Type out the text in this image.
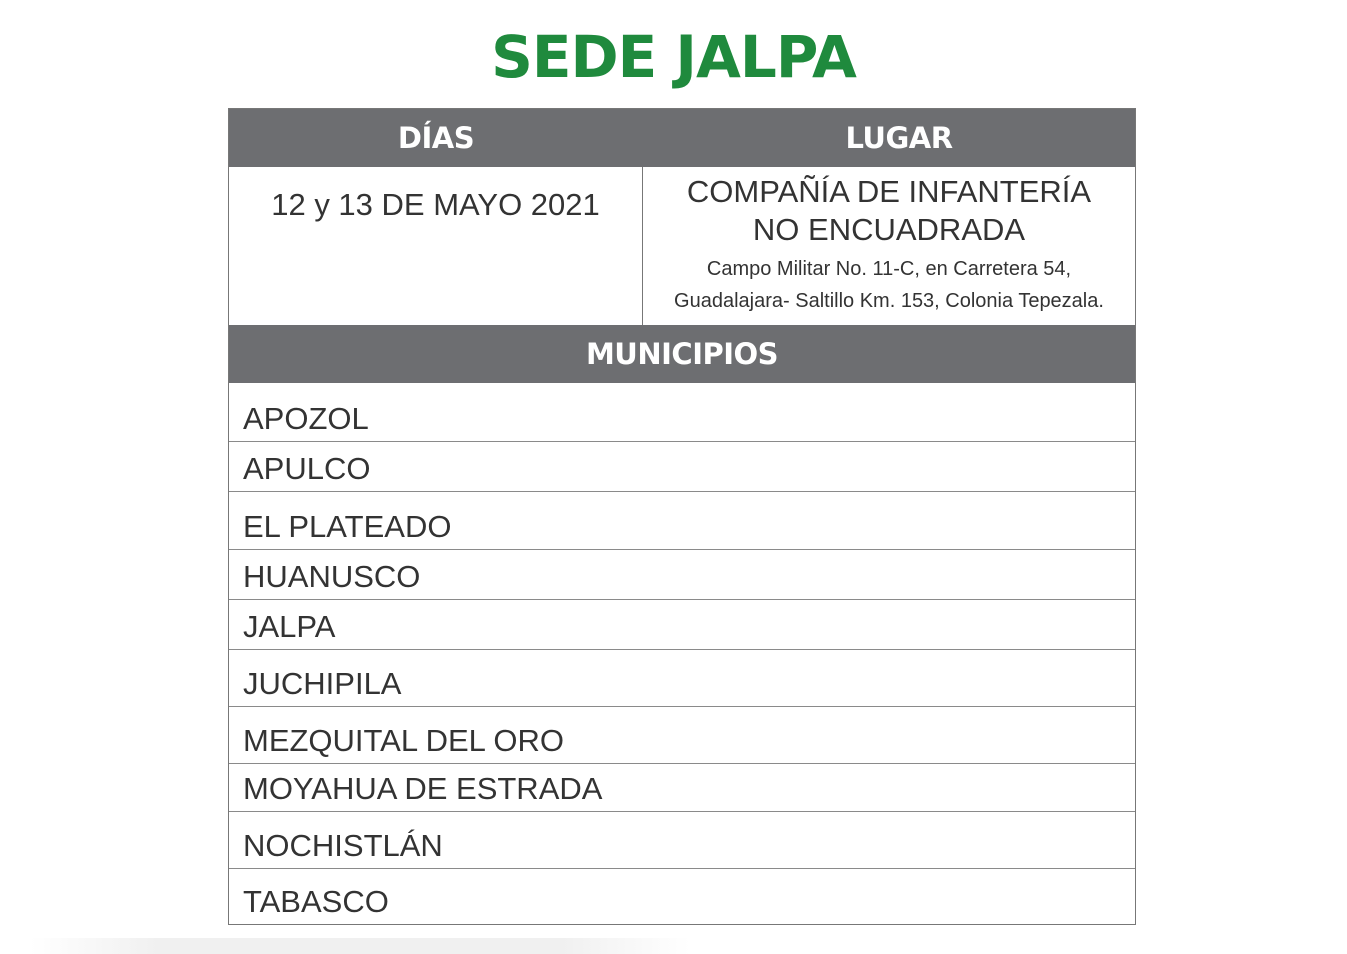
SEDE JALPA
DÍAS	LUGAR
12 y 13 DE MAYO 2021	COMPAÑÍA DE INFANTERÍA
NO ENCUADRADA
Campo Militar No. 11-C, en Carretera 54,
Guadalajara- Saltillo Km. 153, Colonia Tepezala.
MUNICIPIOS
APOZOL
APULCO
EL PLATEADO
HUANUSCO
JALPA
JUCHIPILA
MEZQUITAL DEL ORO
MOYAHUA DE ESTRADA
NOCHISTLÁN
TABASCO
